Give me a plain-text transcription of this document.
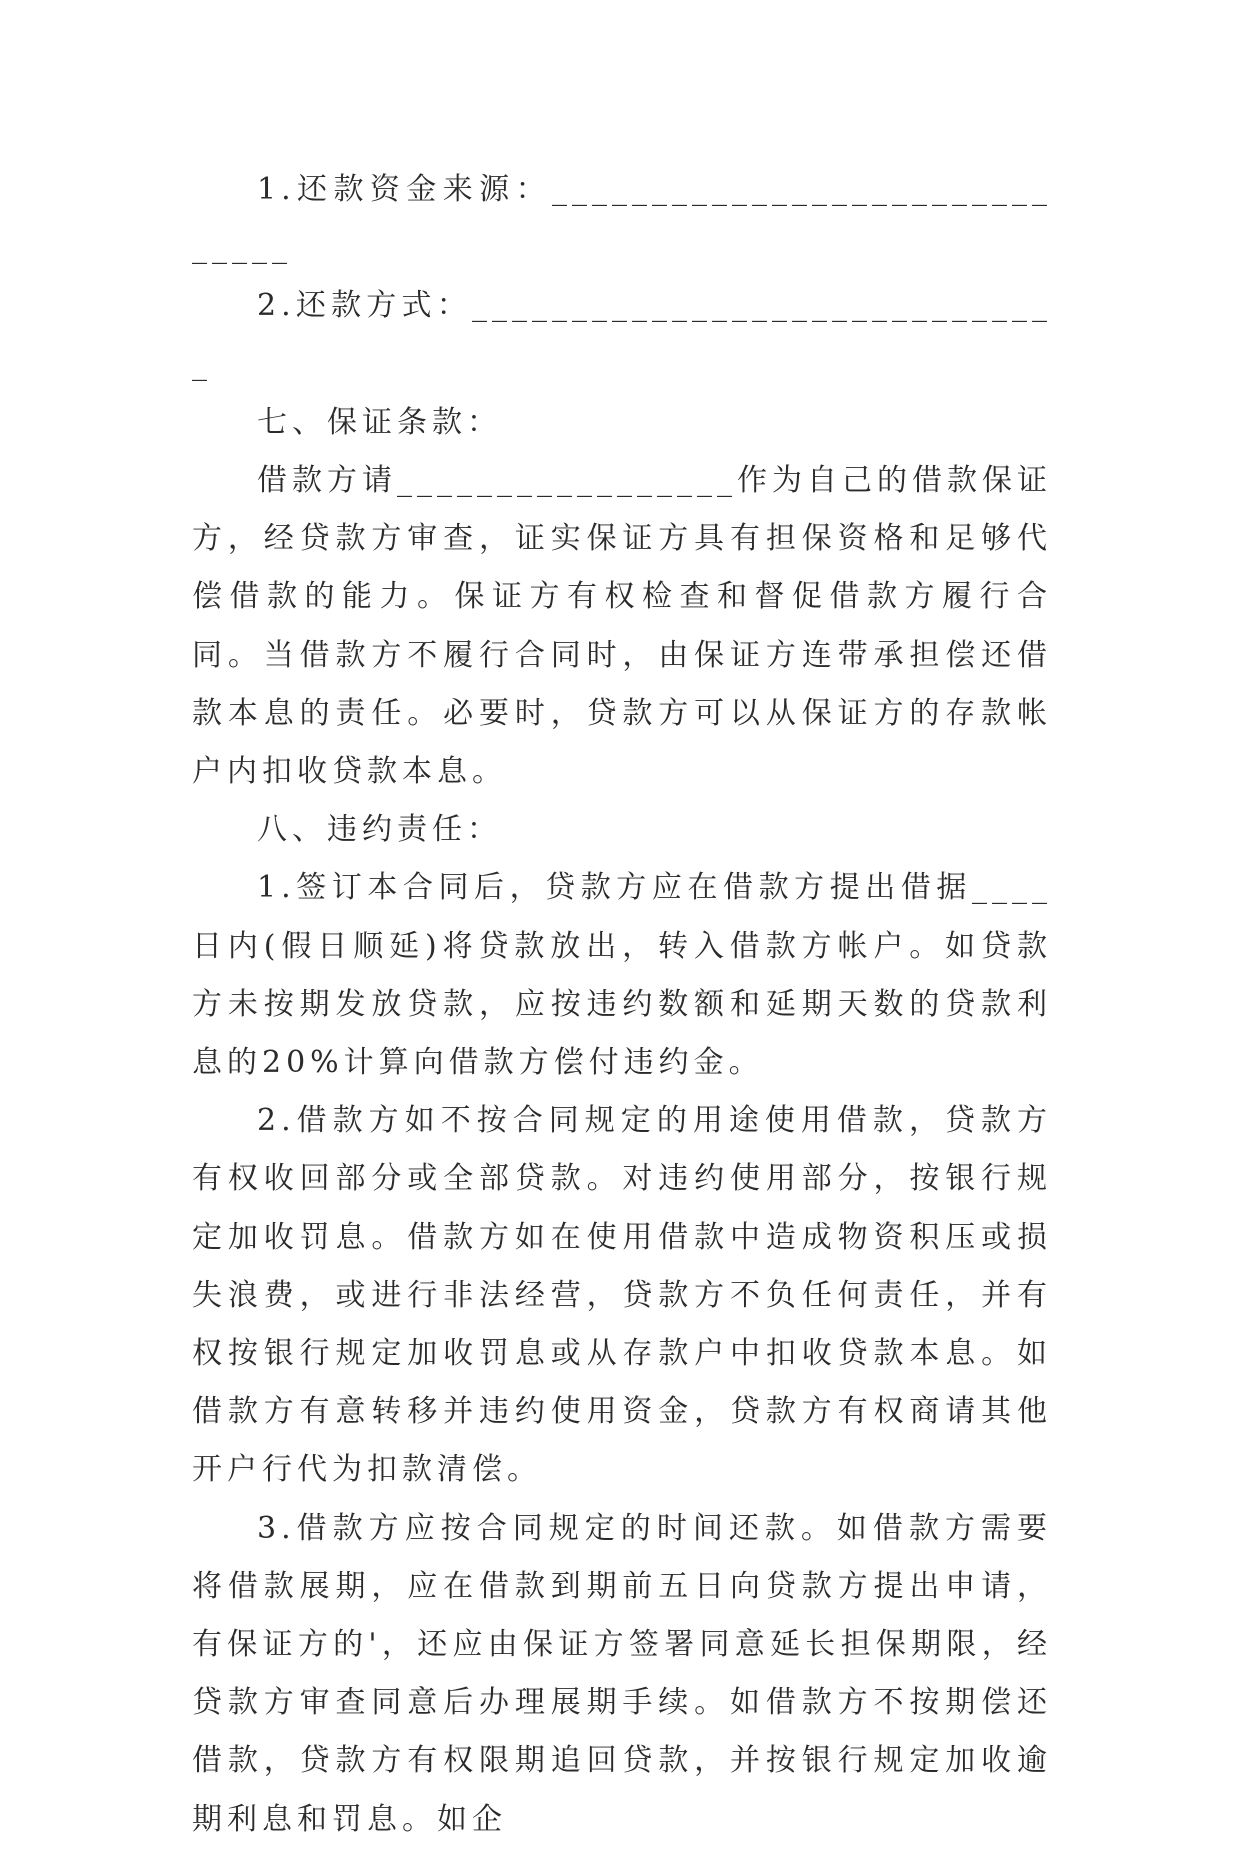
1.还款资金来源：______________________________

2.还款方式：______________________________

七、保证条款：

借款方请_________________作为自己的借款保证方，经贷款方审查，证实保证方具有担保资格和足够代偿借款的能力。保证方有权检查和督促借款方履行合同。当借款方不履行合同时，由保证方连带承担偿还借款本息的责任。必要时，贷款方可以从保证方的存款帐户内扣收贷款本息。

八、违约责任：

1.签订本合同后，贷款方应在借款方提出借据____日内(假日顺延)将贷款放出，转入借款方帐户。如贷款方未按期发放贷款，应按违约数额和延期天数的贷款利息的20%计算向借款方偿付违约金。

2.借款方如不按合同规定的用途使用借款，贷款方有权收回部分或全部贷款。对违约使用部分，按银行规定加收罚息。借款方如在使用借款中造成物资积压或损失浪费，或进行非法经营，贷款方不负任何责任，并有权按银行规定加收罚息或从存款户中扣收贷款本息。如借款方有意转移并违约使用资金，贷款方有权商请其他开户行代为扣款清偿。

3.借款方应按合同规定的时间还款。如借款方需要将借款展期，应在借款到期前五日向贷款方提出申请，有保证方的'，还应由保证方签署同意延长担保期限，经贷款方审查同意后办理展期手续。如借款方不按期偿还借款，贷款方有权限期追回贷款，并按银行规定加收逾期利息和罚息。如企
